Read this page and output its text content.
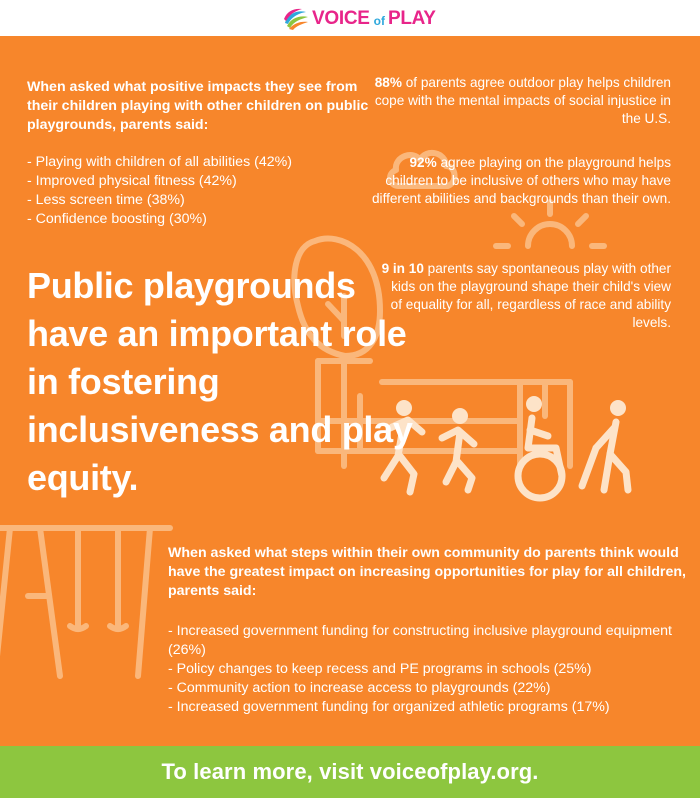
VOICE of PLAY
When asked what positive impacts they see from their children playing with other children on public playgrounds, parents said:
- Playing with children of all abilities (42%)
- Improved physical fitness (42%)
- Less screen time (38%)
- Confidence boosting (30%)
88% of parents agree outdoor play helps children cope with the mental impacts of social injustice in the U.S.
92% agree playing on the playground helps children to be inclusive of others who may have different abilities and backgrounds than their own.
9 in 10 parents say spontaneous play with other kids on the playground shape their child's view of equality for all, regardless of race and ability levels.
Public playgrounds have an important role in fostering inclusiveness and play equity.
When asked what steps within their own community do parents think would have the greatest impact on increasing opportunities for play for all children, parents said:
- Increased government funding for constructing inclusive playground equipment (26%)
- Policy changes to keep recess and PE programs in schools (25%)
- Community action to increase access to playgrounds (22%)
- Increased government funding for organized athletic programs (17%)
To learn more, visit voiceofplay.org.
